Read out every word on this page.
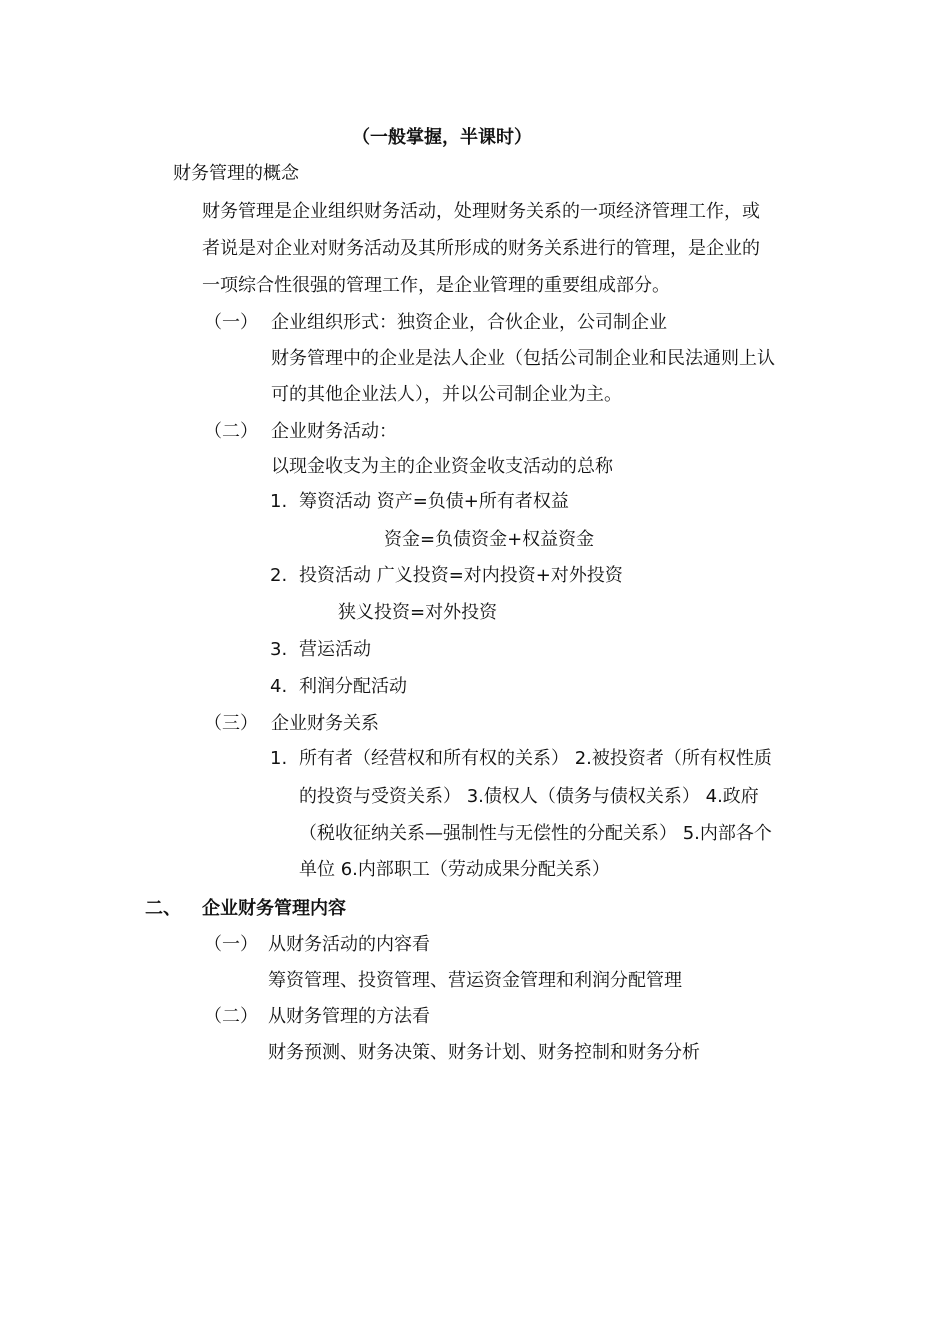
（一般掌握，半课时）
财务管理的概念
财务管理是企业组织财务活动，处理财务关系的一项经济管理工作，或
者说是对企业对财务活动及其所形成的财务关系进行的管理，是企业的
一项综合性很强的管理工作，是企业管理的重要组成部分。
（一） 企业组织形式：独资企业，合伙企业，公司制企业
财务管理中的企业是法人企业（包括公司制企业和民法通则上认
可的其他企业法人），并以公司制企业为主。
（二） 企业财务活动：
以现金收支为主的企业资金收支活动的总称
1. 筹资活动 资产=负债+所有者权益
资金=负债资金+权益资金
2. 投资活动 广义投资=对内投资+对外投资
狭义投资=对外投资
3. 营运活动
4. 利润分配活动
（三） 企业财务关系
1. 所有者（经营权和所有权的关系） 2.被投资者（所有权性质
的投资与受资关系） 3.债权人（债务与债权关系） 4.政府
（税收征纳关系—强制性与无偿性的分配关系） 5.内部各个
单位 6.内部职工（劳动成果分配关系）
二、 企业财务管理内容
（一） 从财务活动的内容看
筹资管理、投资管理、营运资金管理和利润分配管理
（二） 从财务管理的方法看
财务预测、财务决策、财务计划、财务控制和财务分析
